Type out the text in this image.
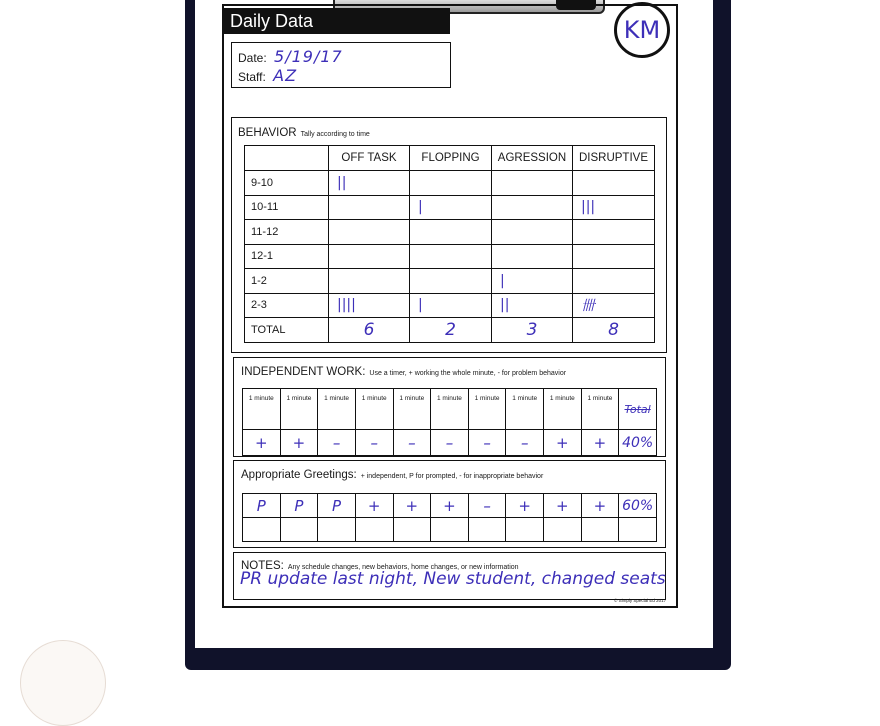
Daily Data	KM
Date: 5/19/17
Staff: AZ
BEHAVIOR Tally according to time
	OFF TASK	FLOPPING	AGRESSION	DISRUPTIVE
9-10	||			
10-11		|		|||
11-12				
12-1				
1-2			|	
2-3	||||	|	||	卌
TOTAL	6	2	3	8
INDEPENDENT WORK: Use a timer, + working the whole minute, - for problem behavior
1 minute	1 minute	1 minute	1 minute	1 minute	1 minute	1 minute	1 minute	1 minute	1 minute	Total
+	+	–	–	–	–	–	–	+	+	40%
Appropriate Greetings: + independent, P for prompted, - for inappropriate behavior
P	P	P	+	+	+	–	+	+	+	60%

NOTES: Any schedule changes, new behaviors, home changes, or new information
PR update last night, New student, changed seats
© Simply Special Ed 2017
